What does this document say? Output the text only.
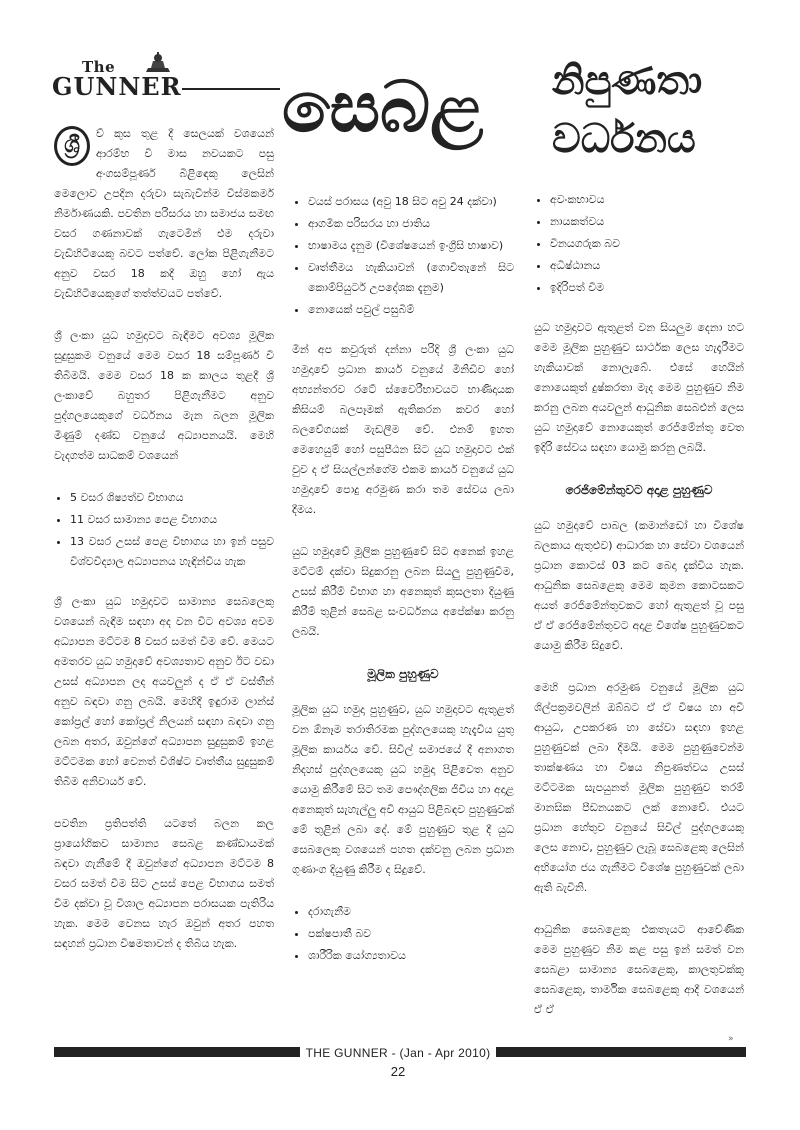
The
GUNNER සෙබළ	නිපුණතා
වර්ධනය

ශ්‍රී	ව් කුස තුළ දී සෙලයක් වශයෙන් ආරම්භ වී මාස නවයකට පසු අංගසම්පූර්ණ බිළිඳෙකු ලෙසින් මෙලොව උපදින දරුවා සැබැවින්ම විස්මකර්ම නිර්මාණයකි. පවතින පරිසරය හා සමාජය සමඟ වසර ගණනාවක් ගැටෙමින් එම දරුවා වැඩිහිටියෙකු බවට පත්වේ. ලෝක පිළිගැනීමට අනුව වසර 18 කදී ඔහු හෝ ඇය වැඩිහිටියෙකුගේ තත්ත්වයට පත්වේ.

ශ්‍රී ලංකා යුධ හමුදාවට බැඳීමට අවශ්‍ය මූලික සුදුසුකම වනුයේ මෙම වසර 18 සම්පූර්ණ වී තිබීමයි. මෙම වසර 18 ක කාලය තුළදී ශ්‍රී ලංකාවේ බහුතර පිළිගැනීමට අනුව පුද්ගලයෙකුගේ වර්ධනය මැන බලන මූලික මිණුම් දණ්ඩ වනුයේ අධ්‍යාපනයයි. මෙහි වැදගත්ම සාධකම් වශයෙන්

• 5 වසර ශිෂ්‍යත්ව විභාගය
• 11 වසර සාමාන්‍ය පෙළ විභාගය
• 13 වසර උසස් පෙළ විභාගය හා ඉන් පසුව විශ්වවිද්‍යාල අධ්‍යාපනය හැඳින්විය හැක

ශ්‍රී ලංකා යුධ හමුදාවට සාමාන්‍ය සෙබලෙකු වශයෙන් බැඳීම සඳහා අද වන විට අවශ්‍ය අවම අධ්‍යාපන මට්ටම 8 වසර සමත් වීම වේ. මෙයට අමතරව යුධ හමුදාවේ අවශ්‍යතාව අනුව ඊට වඩා උසස් අධ්‍යාපන ලද අයවලුන් ද ඒ ඒ වස්තීන් අනුව බඳවා ගනු ලබයි. මෙහිදී ඉඳුරාම ලාන්ස් කෝප්‍රල් හෝ කෝප්‍රල් නිලයන් සඳහා බඳවා ගනු ලබන අතර, ඔවුන්ගේ අධ්‍යාපන සුදුසුකම් ඉහළ මට්ටමක හෝ වෙනත් විශිෂ්ට වෘත්තීය සුදුසුකම් තිබීම අනිවාර්ය වේ.

පවතින ප්‍රතිපත්ති යටතේ බලන කල ප්‍රායෝගිකව සාමාන්‍ය සෙබළ කණ්ඩායමක් බඳවා ගැනීමේ දී ඔවුන්ගේ අධ්‍යාපන මට්ටම 8 වසර සමත් වීම සිට උසස් පෙළ විභාගය සමත් වීම දක්වා වූ විශාල අධ්‍යාපන පරාසයක පැතිරිය හැක. මෙම වෙනස හැර ඔවුන් අතර පහත සඳහන් ප්‍රධාන විෂමතාවන් ද තිබිය හැක.

• වයස් පරාසය (අවු 18 සිට අවු 24 දක්වා)
• ආගමික පරිසරය හා ජාතිය
• භාෂාමය දැනුම (විශේෂයෙන් ඉංග්‍රීසි භාෂාව)
• වෘත්තීමය හැකියාවන් (ගොවිතැනේ සිට කොම්පියුටර් උපදේශක දැනුම)
• නොයෙක් පවුල් පසුබිම්

මින් අප කවුරුත් දන්නා පරිදි ශ්‍රී ලංකා යුධ හමුදාවේ ප්‍රධාන කාර්ය වනුයේ මිනිඩිව හෝ අභ්‍යන්තරව රටේ ස්වෛරීභාවයට භාණිදායක කිසියම් බලපෑමක් ඇතිකරන කවර හෝ බලවේගයක් මැඩලීම වේ. එනම් ඉහත මෙහෙයුම් හෝ පසුපීඨන සිට යුධ හමුදාවට එක් වුව ද ඒ සියල්ලන්ගේම එකම කාර්ය වනුයේ යුධ හමුදාවේ පොදු අරමුණ කරා තම සේවය ලබා දීමය.

යුධ හමුදාවේ මූලික පුහුණුවේ සිට අනෙක් ඉහළ මට්ටම් දක්වා සිදුකරනු ලබන සියලු පුහුණුවීම, උසස් කිරීම් විභාග හා අනෙකුත් කුසලතා දියුණු කිරීම් තුළින් සෙබළ සංවර්ධනය අපේක්ෂා කරනු ලබයි.

මූලික පුහුණුව

මූලික යුධ හමුදා පුහුණුව, යුධ හමුදාවට ඇතුළත් වන ඕනෑම තරාතිරමක පුද්ගලයෙකු හැදැවිය යුතු මූලික කාර්යය වේ. සිවිල් සමාජයේ දී අනාගත නිදහස් පුද්ගලයෙකු යුධ හමුදා පිළිවෙත අනුව යොමු කිරීමේ සිට තම පෞද්ගලික ජිවිය හා අදාළ අනෙකුත් සැහැල්ලු අවි ආයුධ පිළිබඳව පුහුණුවක් මේ තුළින් ලබා දේ. මේ පුහුණුව තුළ දී යුධ සෙබලෙකු වශයෙන් පහත දක්වනු ලබන ප්‍රධාන ගුණාංග දියුණු කිරීම ද සිදුවේ.

• දරාගැනීම
• පක්ෂපාතී බව
• ශාරීරික යෝග්‍යතාවය
• අවංකභාවය
• නායකත්වය
• විනයගරුක බව
• අධිෂ්ඨානය
• ඉදිරිපත් වීම

යුධ හමුදාවට ඇතුළත් වන සියලුම දෙනා හට මෙම මූලික පුහුණුව සාර්ථක ලෙස හැදෑරීමට හැකියාවක් නොලැබේ. එසේ හෙයින් නොයෙකුත් දුෂ්කරතා මැද මෙම පුහුණුව නිම කරනු ලබන අයවලුන් ආධුනික සෙබළුන් ලෙස යුධ හමුදාවේ නොයෙකුත් රෙජිමේන්තු වෙත ඉදිරි සේවය සඳහා යොමු කරනු ලබයි.

රෙජිමේන්තුවට අදාළ පුහුණුව

යුධ හමුදාවේ පාබල (කමාන්ඩෝ හා විශේෂ බලකාය ඇතුළුව) ආධාරක හා සේවා වශයෙන් ප්‍රධාන කොටස් 03 කට බෙදා දැක්විය හැක. ආධුනික සෙබළෙකු මෙම කුමන කොටසකට අයත් රෙජිමේන්තුවකට හෝ ඇතුළත් වූ පසු ඒ ඒ රෙජිමේන්තුවට අදාළ විශේෂ පුහුණුවකට යොමු කිරීම සිදුවේ.

මෙහි ප්‍රධාන අරමුණ වනුයේ මූලික යුධ ශිල්පක්‍රමවලින් ඔබ්බට ඒ ඒ විෂය හා අවි ආයුධ, උපකරණ හා සේවා සඳහා ඉහළ පුහුණුවක් ලබා දීමයි. මෙම පුහුණුවෙන්ම තාක්ෂණය හා විෂය නිපුණත්වය උසස් මට්ටමක සැපයුනත් මූලික පුහුණුව තරම් මානසික පීඩනයකට ලක් නොවේ. එයට ප්‍රධාන හේතුව වනුයේ සිවිල් පුද්ගලයෙකු ලෙස නොව, පුහුණුව ලැබූ සෙබළෙකු ලෙසින් අභියෝග ජය ගැනීමට විශේෂ පුහුණුවක් ලබා ඇති බැවිනි.

ආධුනික සෙබළෙකු එකතැයට ආවේණික මෙම පුහුණුව නිම කළ පසු ඉන් සමත් වන සෙබළා සාමාන්‍ය සෙබළෙකු, කාලතුවක්කු සෙබළෙකු, තාර්මික සෙබළෙකු ආදී වශයෙන් ඒ ඒ

»
THE GUNNER - (Jan - Apr 2010)
22
